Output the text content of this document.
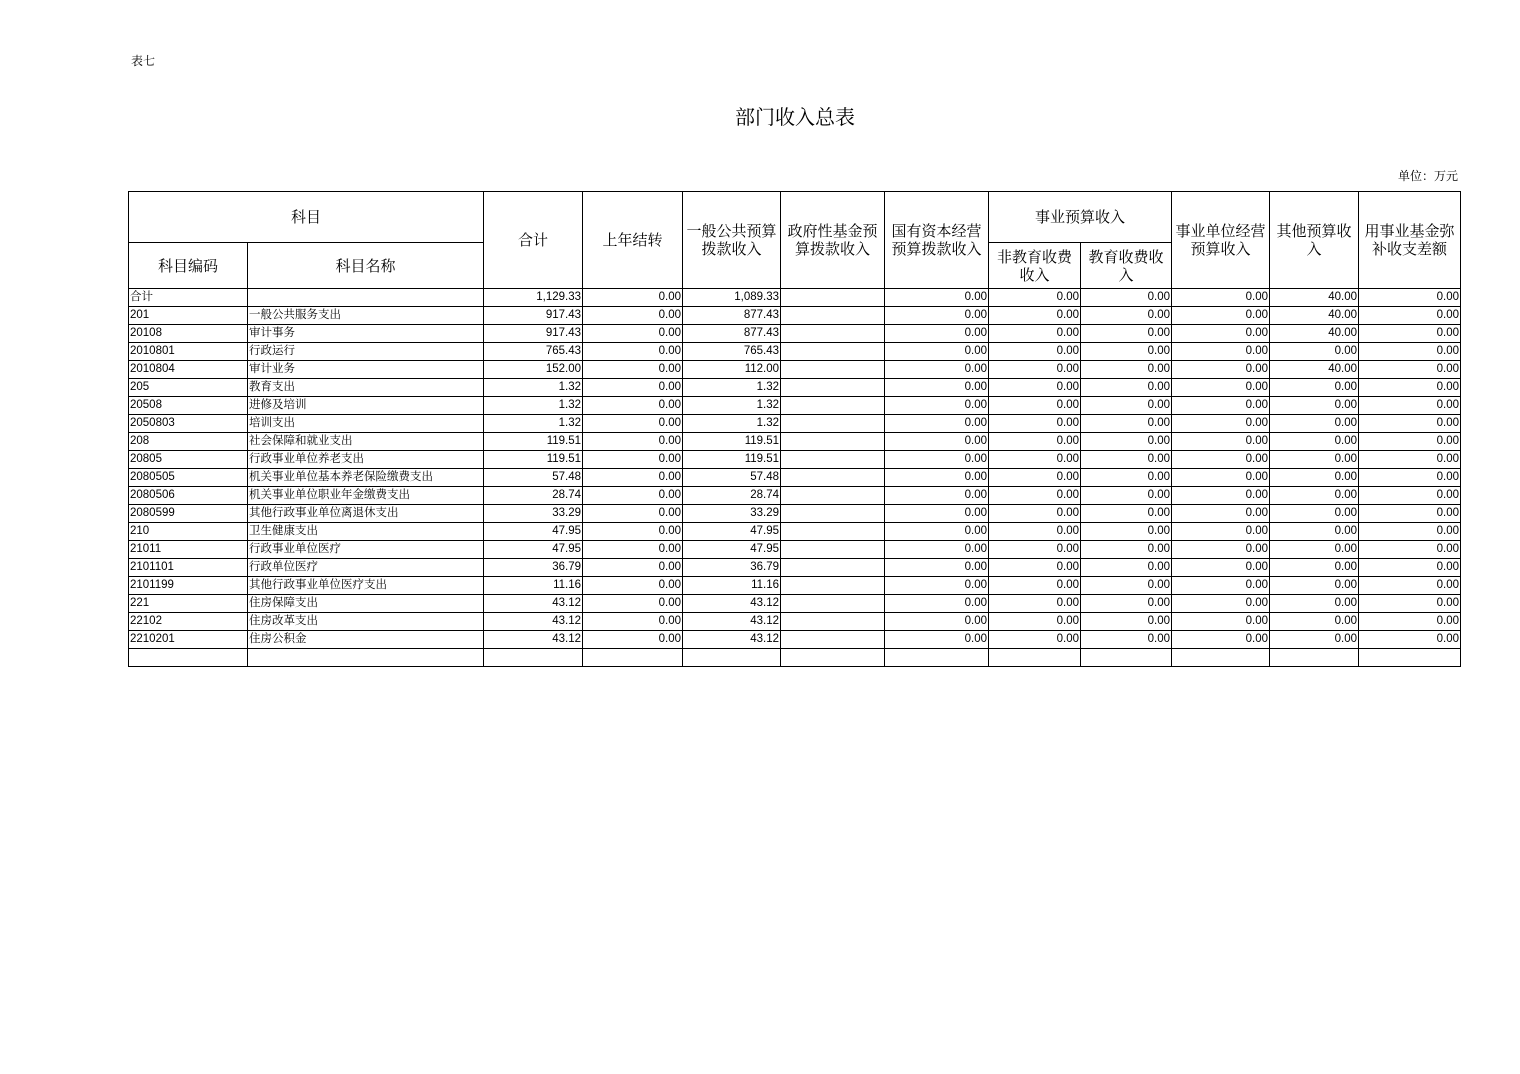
表七
部门收入总表
单位：万元
科目		合计	上年结转	一般公共预算拨款收入	政府性基金预算拨款收入	国有资本经营预算拨款收入	事业预算收入		事业单位经营预算收入	其他预算收入	用事业基金弥补收支差额
科目编码	科目名称						非教育收费收入	教育收费收入			
合计		1,129.33	0.00	1,089.33		0.00	0.00	0.00	0.00	40.00	0.00
201	一般公共服务支出	917.43	0.00	877.43		0.00	0.00	0.00	0.00	40.00	0.00
20108	审计事务	917.43	0.00	877.43		0.00	0.00	0.00	0.00	40.00	0.00
2010801	行政运行	765.43	0.00	765.43		0.00	0.00	0.00	0.00	0.00	0.00
2010804	审计业务	152.00	0.00	112.00		0.00	0.00	0.00	0.00	40.00	0.00
205	教育支出	1.32	0.00	1.32		0.00	0.00	0.00	0.00	0.00	0.00
20508	进修及培训	1.32	0.00	1.32		0.00	0.00	0.00	0.00	0.00	0.00
2050803	培训支出	1.32	0.00	1.32		0.00	0.00	0.00	0.00	0.00	0.00
208	社会保障和就业支出	119.51	0.00	119.51		0.00	0.00	0.00	0.00	0.00	0.00
20805	行政事业单位养老支出	119.51	0.00	119.51		0.00	0.00	0.00	0.00	0.00	0.00
2080505	机关事业单位基本养老保险缴费支出	57.48	0.00	57.48		0.00	0.00	0.00	0.00	0.00	0.00
2080506	机关事业单位职业年金缴费支出	28.74	0.00	28.74		0.00	0.00	0.00	0.00	0.00	0.00
2080599	其他行政事业单位离退休支出	33.29	0.00	33.29		0.00	0.00	0.00	0.00	0.00	0.00
210	卫生健康支出	47.95	0.00	47.95		0.00	0.00	0.00	0.00	0.00	0.00
21011	行政事业单位医疗	47.95	0.00	47.95		0.00	0.00	0.00	0.00	0.00	0.00
2101101	行政单位医疗	36.79	0.00	36.79		0.00	0.00	0.00	0.00	0.00	0.00
2101199	其他行政事业单位医疗支出	11.16	0.00	11.16		0.00	0.00	0.00	0.00	0.00	0.00
221	住房保障支出	43.12	0.00	43.12		0.00	0.00	0.00	0.00	0.00	0.00
22102	住房改革支出	43.12	0.00	43.12		0.00	0.00	0.00	0.00	0.00	0.00
2210201	住房公积金	43.12	0.00	43.12		0.00	0.00	0.00	0.00	0.00	0.00
